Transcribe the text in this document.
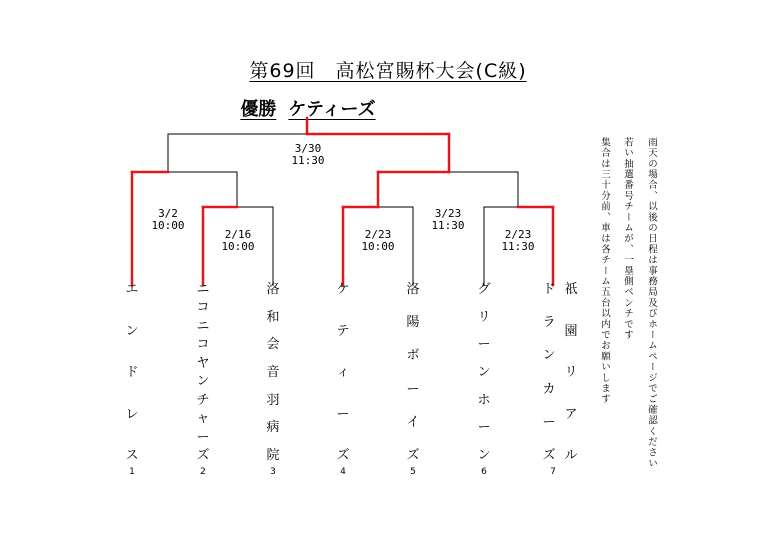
第69回　高松宮賜杯大会(C級)
優勝 ケティーズ
3/30
11:30
3/2
10:00
2/16
10:00
3/23
11:30
2/23
10:00
2/23
11:30
エ
ン
ド
レ
ス
ニ
コ
ニ
コ
ヤ
ン
チ
ャ
ー
ズ
洛
和
会
音
羽
病
院
ケ
テ
ィ
ー
ズ
洛
陽
ボ
ー
イ
ズ
グ
リ
ー
ン
ホ
ー
ン
ド
ラ
ン
カ
ー
ズ
祇
園
リ
ア
ル
1	2	3	4	5	6	7
雨天の場合、以後の日程は事務局及びホームページでご確認ください
若い抽選番号チームが、一塁側ベンチです
集合は三十分前、車は各チーム五台以内でお願いします
